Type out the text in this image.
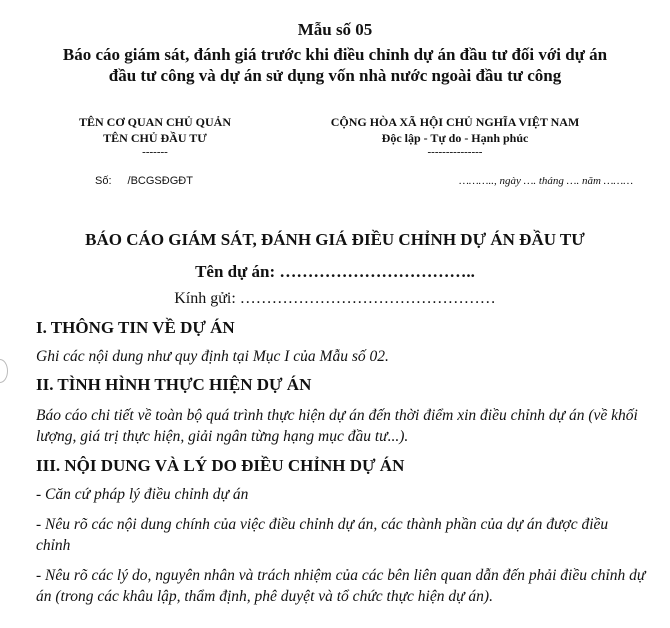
Mẫu số 05
Báo cáo giám sát, đánh giá trước khi điều chỉnh dự án đầu tư đối với dự án
đầu tư công và dự án sử dụng vốn nhà nước ngoài đầu tư công
TÊN CƠ QUAN CHỦ QUẢN
TÊN CHỦ ĐẦU TƯ
-------
CỘNG HÒA XÃ HỘI CHỦ NGHĨA VIỆT NAM
Độc lập - Tự do - Hạnh phúc
---------------
Số: /BCGSĐGĐT	……….., ngày …. tháng …. năm ………
BÁO CÁO GIÁM SÁT, ĐÁNH GIÁ ĐIỀU CHỈNH DỰ ÁN ĐẦU TƯ
Tên dự án: ……………………………..
Kính gửi: …………………………………………
I. THÔNG TIN VỀ DỰ ÁN
Ghi các nội dung như quy định tại Mục I của Mẫu số 02.
II. TÌNH HÌNH THỰC HIỆN DỰ ÁN
Báo cáo chi tiết về toàn bộ quá trình thực hiện dự án đến thời điểm xin điều chỉnh dự án (về khối lượng, giá trị thực hiện, giải ngân từng hạng mục đầu tư...).
III. NỘI DUNG VÀ LÝ DO ĐIỀU CHỈNH DỰ ÁN
- Căn cứ pháp lý điều chỉnh dự án
- Nêu rõ các nội dung chính của việc điều chỉnh dự án, các thành phần của dự án được điều chỉnh
- Nêu rõ các lý do, nguyên nhân và trách nhiệm của các bên liên quan dẫn đến phải điều chỉnh dự án (trong các khâu lập, thẩm định, phê duyệt và tổ chức thực hiện dự án).
